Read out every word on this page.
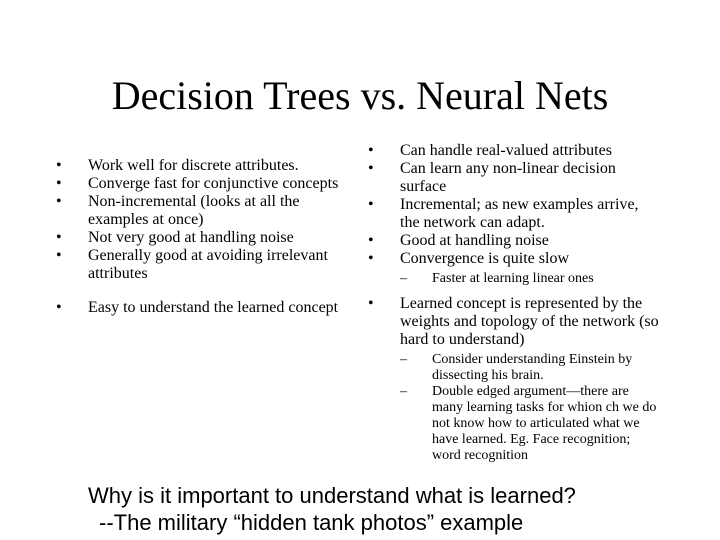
Decision Trees vs. Neural Nets
• Work well for discrete attributes.
• Converge fast for conjunctive concepts
• Non-incremental (looks at all the examples at once)
• Not very good at handling noise
• Generally good at avoiding irrelevant attributes
• Easy to understand the learned concept
• Can handle real-valued attributes
• Can learn any non-linear decision surface
• Incremental; as new examples arrive, the network can adapt.
• Good at handling noise
• Convergence is quite slow
– Faster at learning linear ones
• Learned concept is represented by the weights and topology of the network (so hard to understand)
– Consider understanding Einstein by dissecting his brain.
– Double edged argument—there are many learning tasks for whion ch we do not know how to articulated what we have learned. Eg. Face recognition; word recognition
Why is it important to understand what is learned?
--The military “hidden tank photos” example
